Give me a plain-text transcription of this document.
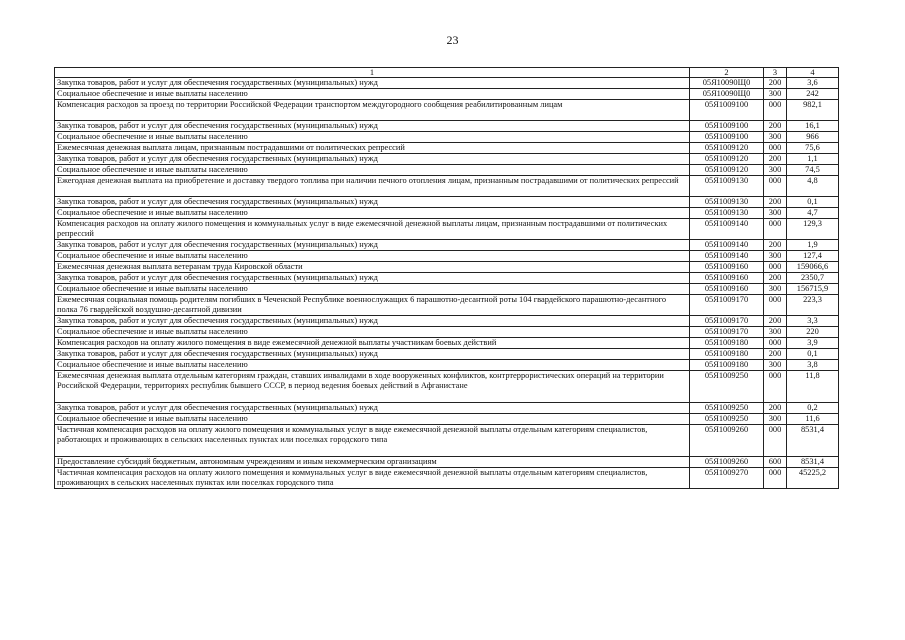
23
1	2	3	4
Закупка товаров, работ и услуг для обеспечения государственных (муниципальных) нужд	05Я10090Щ0	200	3,6
Социальное обеспечение и иные выплаты населению	05Я10090Щ0	300	242
Компенсация расходов за проезд по территории Российской Федерации транспортом междугородного сообщения реабилитированным лицам	05Я1009100	000	982,1
Закупка товаров, работ и услуг для обеспечения государственных (муниципальных) нужд	05Я1009100	200	16,1
Социальное обеспечение и иные выплаты населению	05Я1009100	300	966
Ежемесячная денежная выплата лицам, признанным пострадавшими от политических репрессий	05Я1009120	000	75,6
Закупка товаров, работ и услуг для обеспечения государственных (муниципальных) нужд	05Я1009120	200	1,1
Социальное обеспечение и иные выплаты населению	05Я1009120	300	74,5
Ежегодная денежная выплата на приобретение и доставку твердого топлива при наличии печного отопления лицам, признанным пострадавшими от политических репрессий	05Я1009130	000	4,8
Закупка товаров, работ и услуг для обеспечения государственных (муниципальных) нужд	05Я1009130	200	0,1
Социальное обеспечение и иные выплаты населению	05Я1009130	300	4,7
Компенсация расходов на оплату жилого помещения и коммунальных услуг в виде ежемесячной денежной выплаты лицам, признанным пострадавшими от политических репрессий	05Я1009140	000	129,3
Закупка товаров, работ и услуг для обеспечения государственных (муниципальных) нужд	05Я1009140	200	1,9
Социальное обеспечение и иные выплаты населению	05Я1009140	300	127,4
Ежемесячная денежная выплата ветеранам труда Кировской области	05Я1009160	000	159066,6
Закупка товаров, работ и услуг для обеспечения государственных (муниципальных) нужд	05Я1009160	200	2350,7
Социальное обеспечение и иные выплаты населению	05Я1009160	300	156715,9
Ежемесячная социальная помощь родителям погибших в Чеченской Республике военнослужащих 6 парашютно-десантной роты 104 гвардейского парашютно-десантного полка 76 гвардейской воздушно-десантной дивизии	05Я1009170	000	223,3
Закупка товаров, работ и услуг для обеспечения государственных (муниципальных) нужд	05Я1009170	200	3,3
Социальное обеспечение и иные выплаты населению	05Я1009170	300	220
Компенсация расходов на оплату жилого помещения в виде ежемесячной денежной выплаты участникам боевых действий	05Я1009180	000	3,9
Закупка товаров, работ и услуг для обеспечения государственных (муниципальных) нужд	05Я1009180	200	0,1
Социальное обеспечение и иные выплаты населению	05Я1009180	300	3,8
Ежемесячная денежная выплата отдельным категориям граждан, ставших инвалидами в ходе вооруженных конфликтов, контртеррористических операций на территории Российской Федерации, территориях республик бывшего СССР, в период ведения боевых действий в Афганистане	05Я1009250	000	11,8
Закупка товаров, работ и услуг для обеспечения государственных (муниципальных) нужд	05Я1009250	200	0,2
Социальное обеспечение и иные выплаты населению	05Я1009250	300	11,6
Частичная компенсация расходов на оплату жилого помещения и коммунальных услуг в виде ежемесячной денежной выплаты отдельным категориям специалистов, работающих и проживающих в сельских населенных пунктах или поселках городского типа	05Я1009260	000	8531,4
Предоставление субсидий бюджетным, автономным учреждениям и иным некоммерческим организациям	05Я1009260	600	8531,4
Частичная компенсация расходов на оплату жилого помещения и коммунальных услуг в виде ежемесячной денежной выплаты отдельным категориям специалистов, проживающих в сельских населенных пунктах или поселках городского типа	05Я1009270	000	45225,2
